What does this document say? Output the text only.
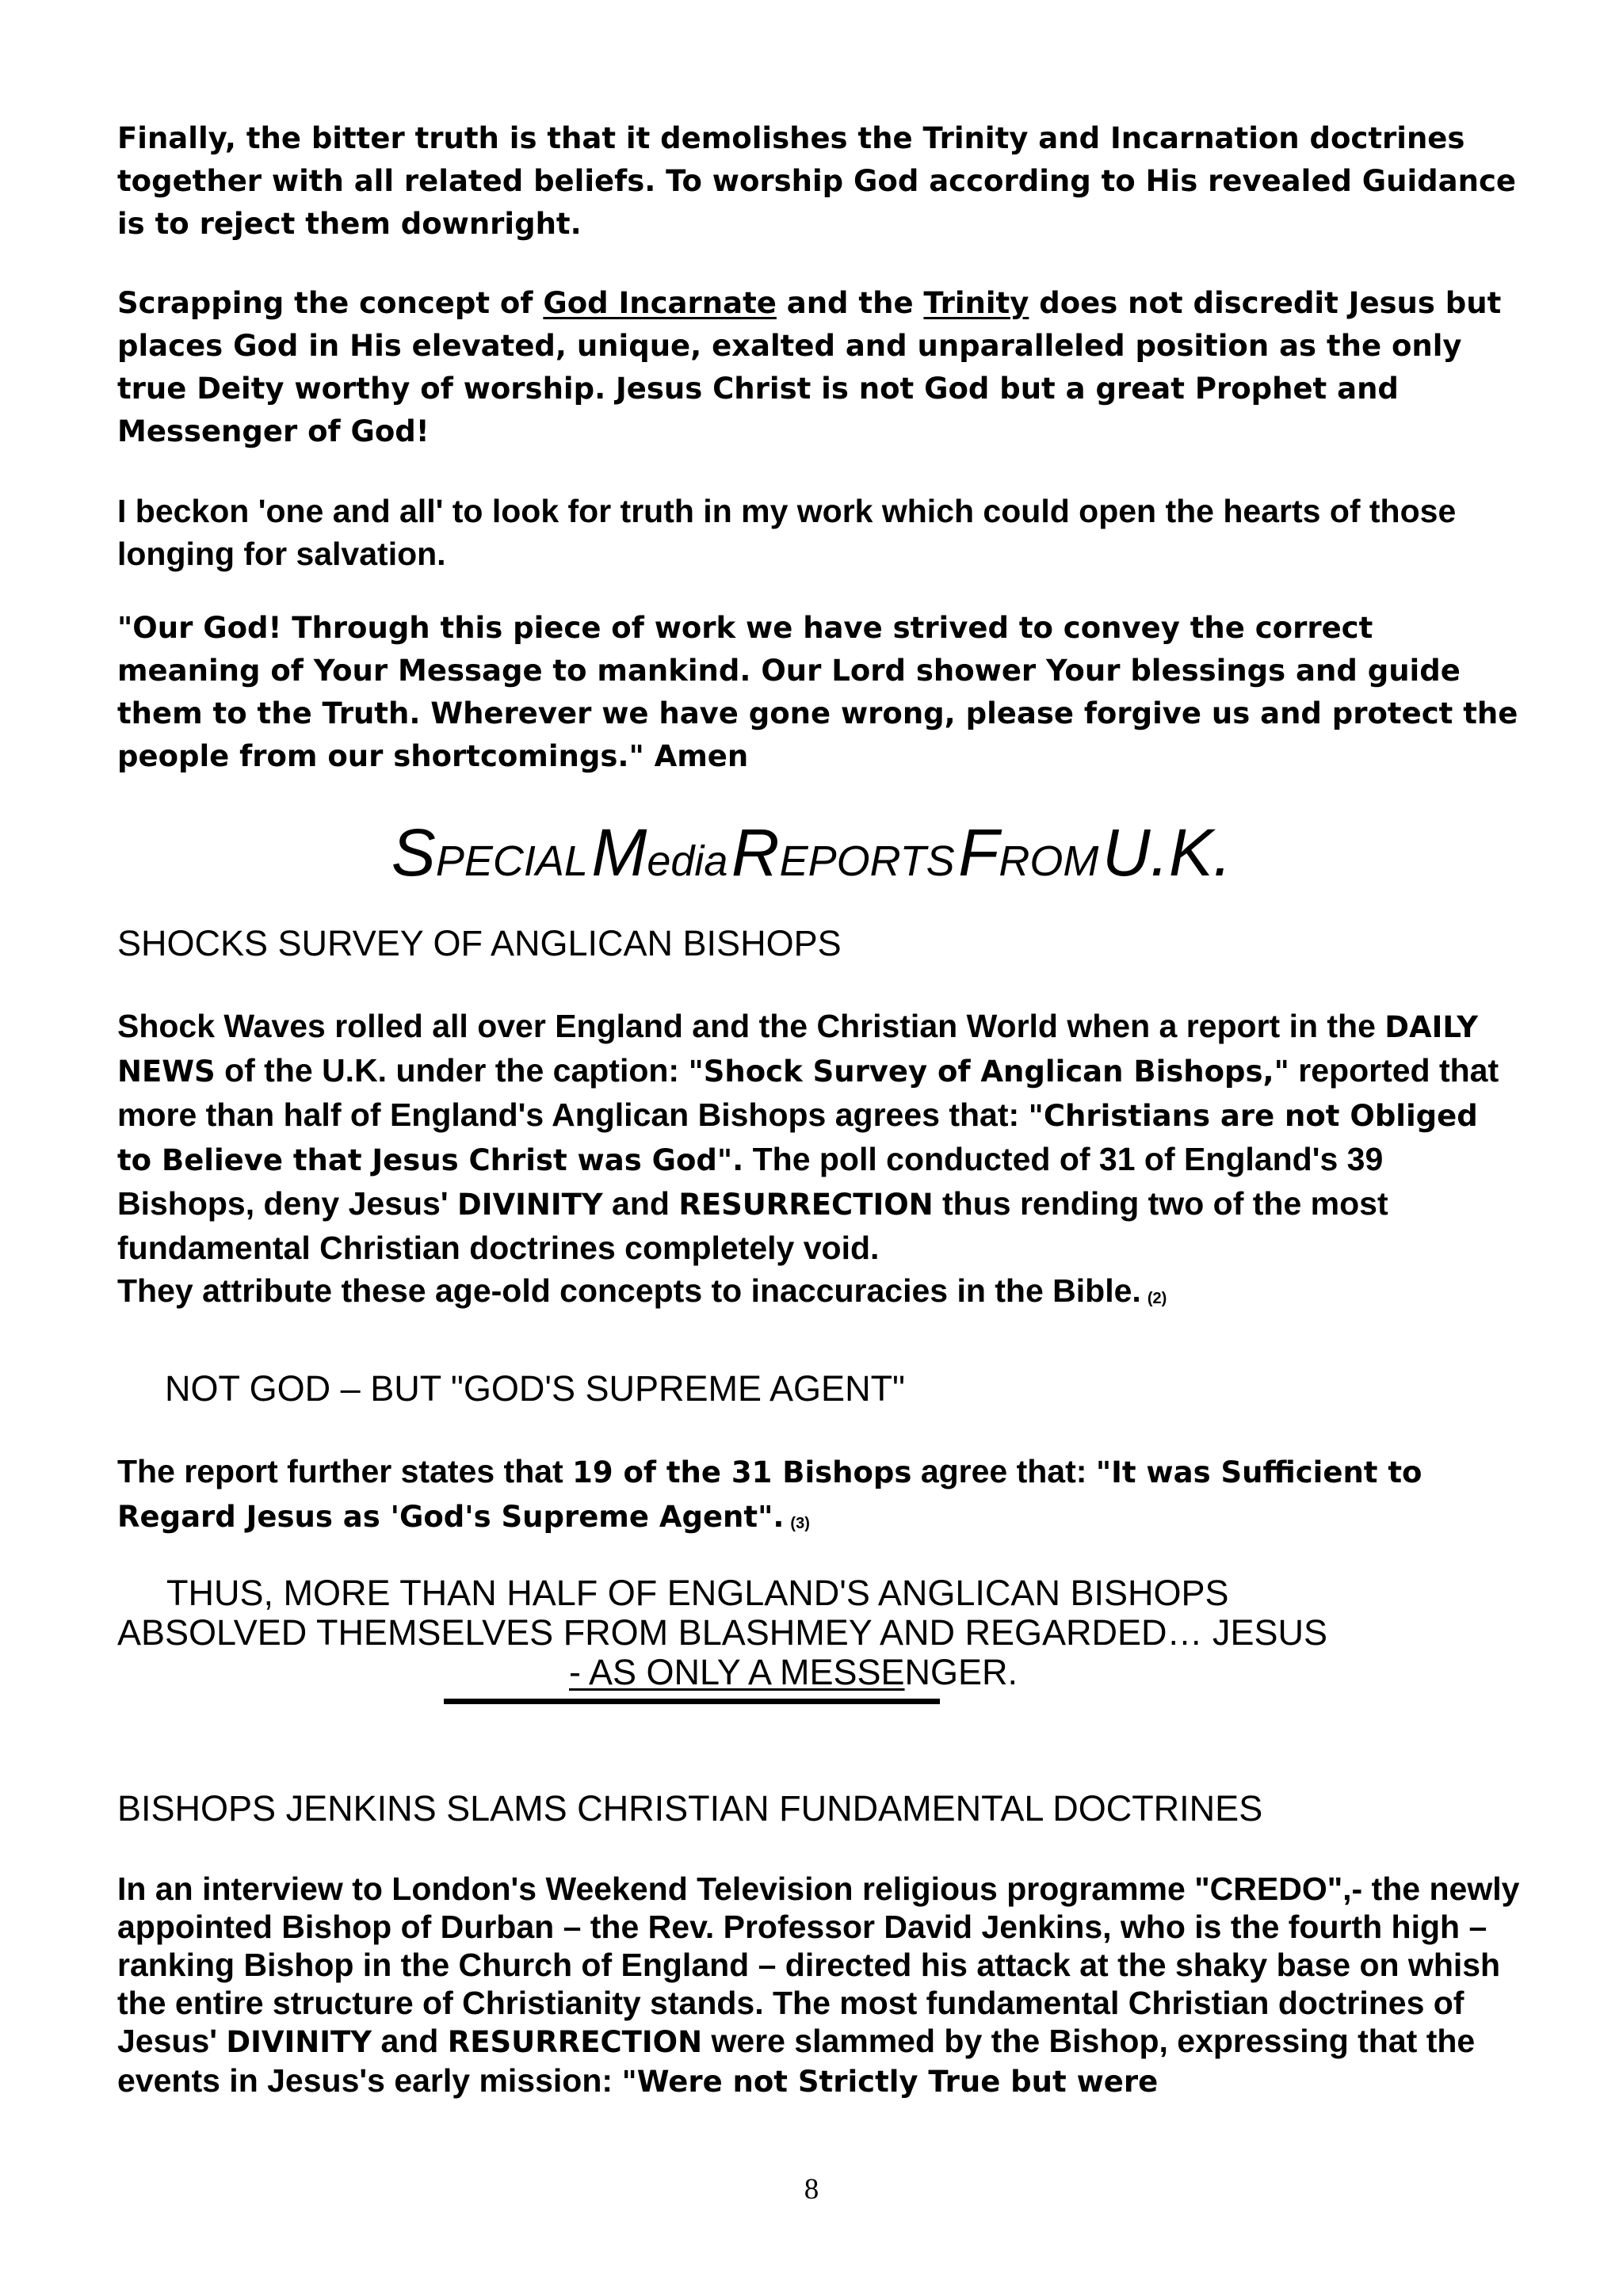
Finally, the bitter truth is that it demolishes the Trinity and Incarnation doctrines together with all related beliefs. To worship God according to His revealed Guidance is to reject them downright.
Scrapping the concept of God Incarnate and the Trinity does not discredit Jesus but places God in His elevated, unique, exalted and unparalleled position as the only true Deity worthy of worship. Jesus Christ is not God but a great Prophet and Messenger of God!
I beckon 'one and all' to look for truth in my work which could open the hearts of those longing for salvation.
"Our God! Through this piece of work we have strived to convey the correct meaning of Your Message to mankind. Our Lord shower Your blessings and guide them to the Truth. Wherever we have gone wrong, please forgive us and protect the people from our shortcomings." Amen
SPECIAL Media REPORTS FROM U.K.
SHOCKS SURVEY OF ANGLICAN BISHOPS
Shock Waves rolled all over England and the Christian World when a report in the DAILY NEWS of the U.K. under the caption: "Shock Survey of Anglican Bishops," reported that more than half of England's Anglican Bishops agrees that: "Christians are not Obliged to Believe that Jesus Christ was God". The poll conducted of 31 of England's 39 Bishops, deny Jesus' DIVINITY and RESURRECTION thus rending two of the most fundamental Christian doctrines completely void.
They attribute these age-old concepts to inaccuracies in the Bible. (2)
NOT GOD – BUT "GOD'S SUPREME AGENT"
The report further states that 19 of the 31 Bishops agree that: "It was Sufficient to Regard Jesus as 'God's Supreme Agent". (3)
THUS, MORE THAN HALF OF ENGLAND'S ANGLICAN BISHOPS
ABSOLVED THEMSELVES FROM BLASHMEY AND REGARDED… JESUS
- AS ONLY A MESSENGER.
BISHOPS JENKINS SLAMS CHRISTIAN FUNDAMENTAL DOCTRINES
In an interview to London's Weekend Television religious programme "CREDO",- the newly appointed Bishop of Durban – the Rev. Professor David Jenkins, who is the fourth high – ranking Bishop in the Church of England – directed his attack at the shaky base on whish the entire structure of Christianity stands. The most fundamental Christian doctrines of Jesus' DIVINITY and RESURRECTION were slammed by the Bishop, expressing that the events in Jesus's early mission: "Were not Strictly True but were
8
